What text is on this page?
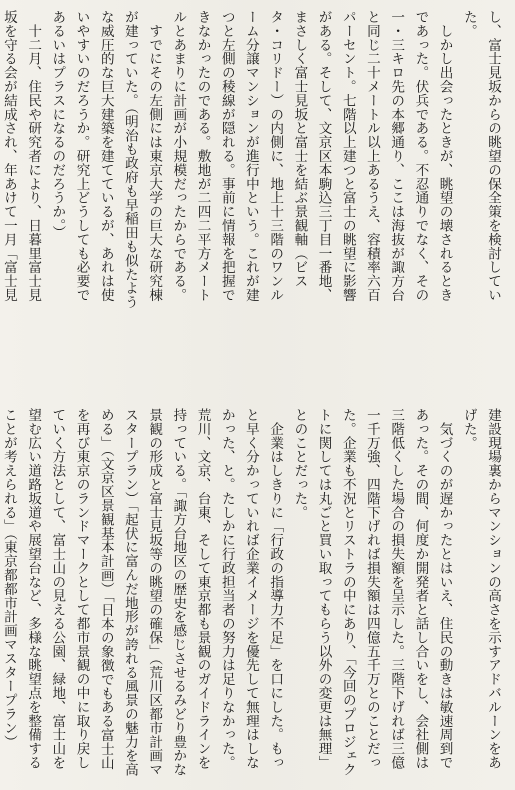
し、富士見坂からの眺望の保全策を検討していた。

　しかし出会ったときが、眺望の壊されるときであった。伏兵である。不忍通りでなく、その一・三キロ先の本郷通り、ここは海抜が諏方台と同じ二十メートル以上あるうえ、容積率六百パーセント。七階以上建つと富士の眺望に影響がある。そして、文京区本駒込三丁目一番地、まさしく富士見坂と富士を結ぶ景観軸（ビスタ・コリドー）の内側に、地上十三階のワンルーム分譲マンションが進行中という。これが建つと左側の稜線が隠れる。事前に情報を把握できなかったのである。敷地が二四二平方メートルとあまりに計画が小規模だったからである。

　すでにその左側には東京大学の巨大な研究棟が建っていた。（明治も政府も早稲田も似たような威圧的な巨大建築を建てているが、あれは使いやすいのだろうか。研究上どうしても必要であるいはプラスになるのだろうか。）

　十二月、住民や研究者により、日暮里富士見坂を守る会が結成され、年あけて一月「富士見

建設現場裏からマンションの高さを示すアドバルーンをあげた。

　気づくのが遅かったとはいえ、住民の動きは敏速周到であった。その間、何度か開発者と話し合いをし、会社側は三階低くした場合の損失額を呈示した。三階下げれば三億一千万強、四階下げれば損失額は四億五千万とのことだった。企業も不況とリストラの中にあり、「今回のプロジェクトに関しては丸ごと買い取ってもらう以外の変更は無理」とのことだった。

　企業はしきりに「行政の指導力不足」を口にした。もっと早く分かっていれば企業イメージを優先して無理はしなかった、と。たしかに行政担当者の努力は足りなかった。荒川、文京、台東、そして東京都も景観のガイドラインを持っている。「諏方台地区の歴史を感じさせるみどり豊かな景観の形成と富士見坂等の眺望の確保」（荒川区都市計画マスタープラン）「起伏に富んだ地形が誇れる風景の魅力を高める」（文京区景観基本計画）「日本の象徴でもある富士山を再び東京のランドマークとして都市景観の中に取り戻していく方法として、富士山の見える公園、緑地、富士山を望む広い道路坂道や展望台など、多様な眺望点を整備することが考えられる」（東京都都市計画マスタープラン）
